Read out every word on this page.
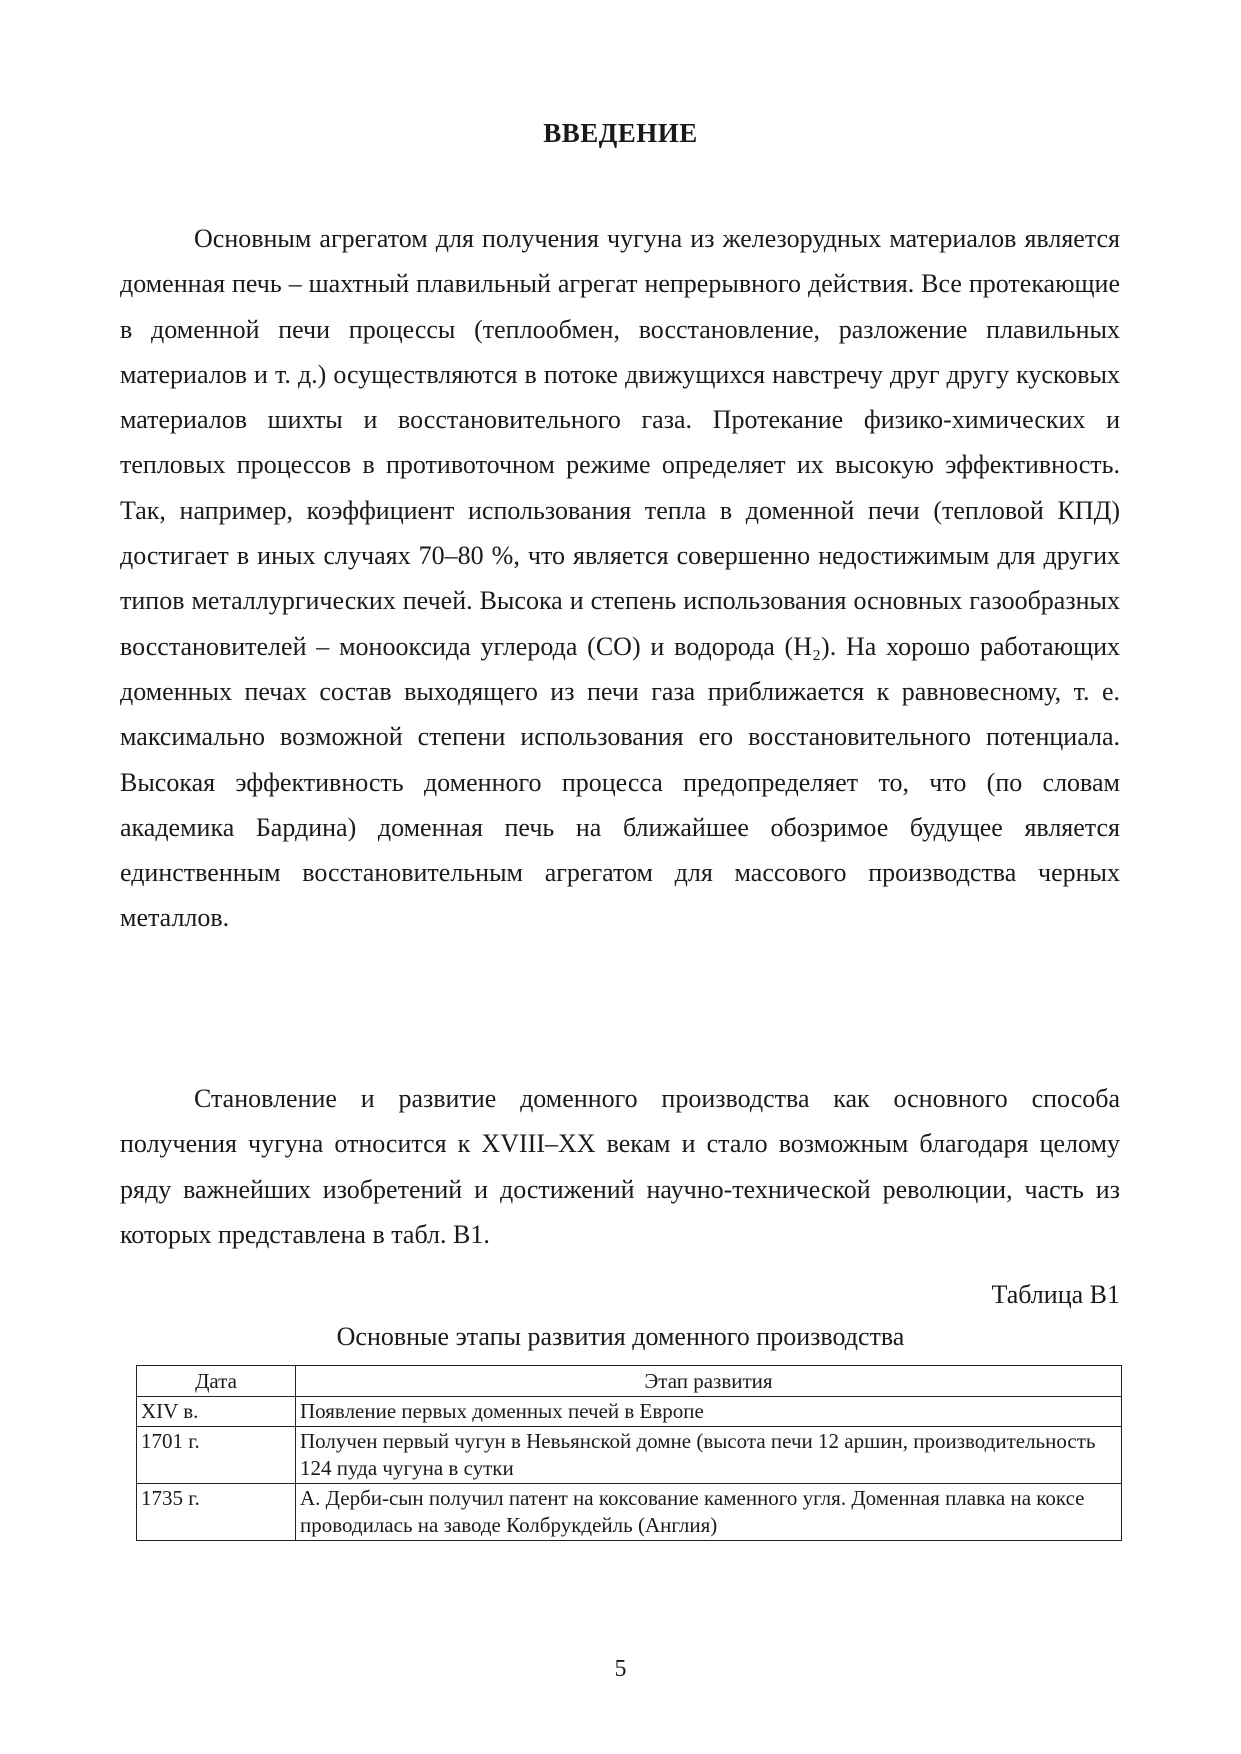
ВВЕДЕНИЕ

Основным агрегатом для получения чугуна из железорудных материалов является доменная печь – шахтный плавильный агрегат непрерывного действия. Все протекающие в доменной печи процессы (теплообмен, восстановление, разложение плавильных материалов и т. д.) осуществляются в потоке движущихся навстречу друг другу кусковых материалов шихты и восстановительного газа. Протекание физико-химических и тепловых процессов в противоточном режиме определяет их высокую эффективность. Так, например, коэффициент использования тепла в доменной печи (тепловой КПД) достигает в иных случаях 70–80 %, что является совершенно недостижимым для других типов металлургических печей. Высока и степень использования основных газообразных восстановителей – монооксида углерода (СО) и водорода (H₂). На хорошо работающих доменных печах состав выходящего из печи газа приближается к равновесному, т. е. максимально возможной степени использования его восстановительного потенциала. Высокая эффективность доменного процесса предопределяет то, что (по словам академика Бардина) доменная печь на ближайшее обозримое будущее является единственным восстановительным агрегатом для массового производства черных металлов.

Становление и развитие доменного производства как основного способа получения чугуна относится к XVIII–XX векам и стало возможным благодаря целому ряду важнейших изобретений и достижений научно-технической революции, часть из которых представлена в табл. В1.

Таблица В1
Основные этапы развития доменного производства
Дата	Этап развития
XIV в.	Появление первых доменных печей в Европе
1701 г.	Получен первый чугун в Невьянской домне (высота печи 12 аршин, производительность 124 пуда чугуна в сутки
1735 г.	А. Дерби-сын получил патент на коксование каменного угля. Доменная плавка на коксе проводилась на заводе Колбрукдейль (Англия)
5
